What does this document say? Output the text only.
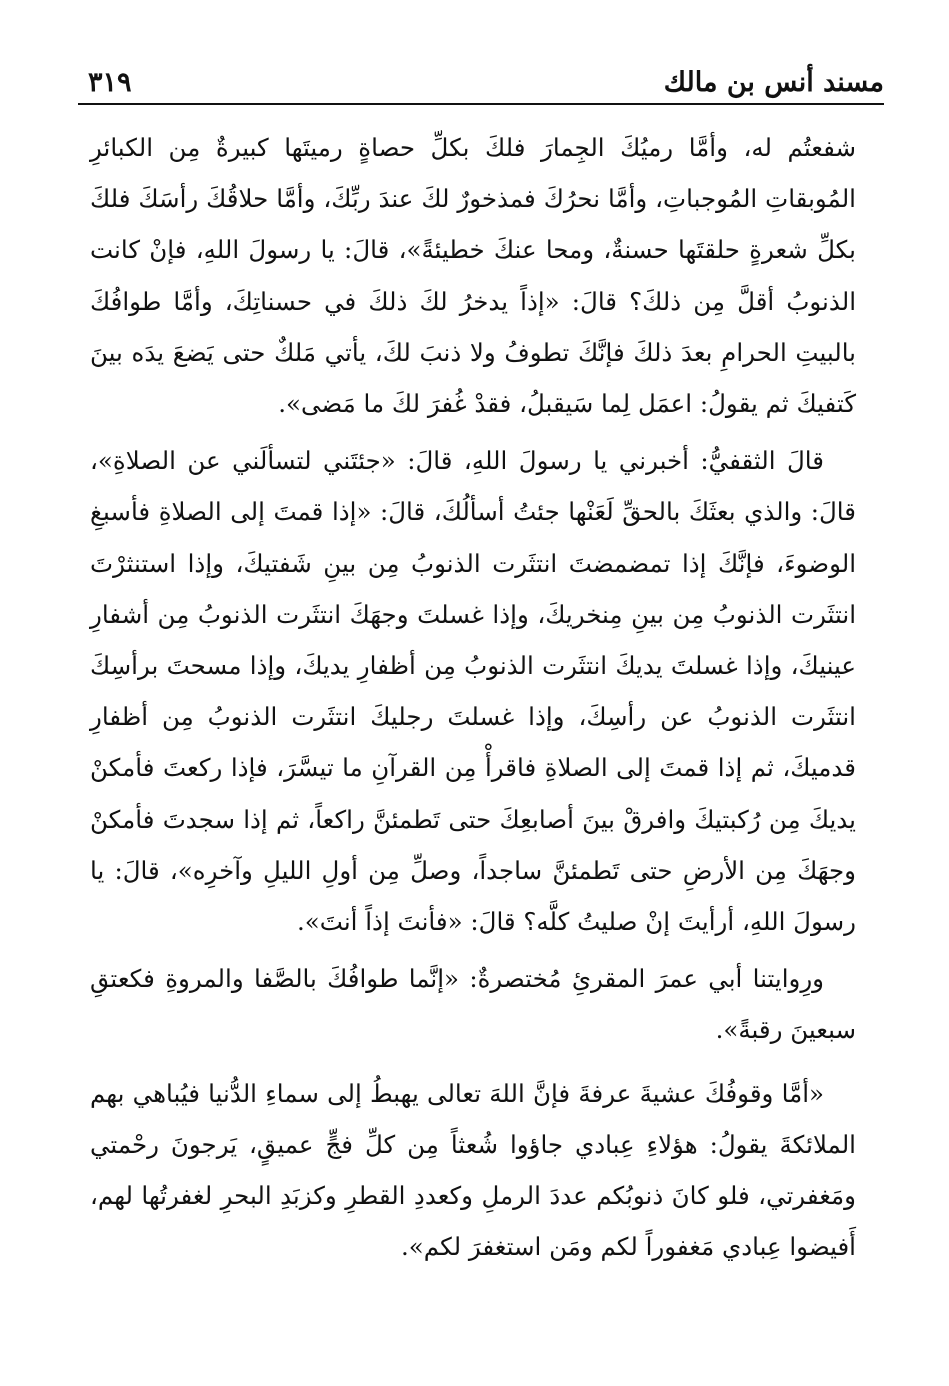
مسند أنس بن مالك
٣١٩

شفعتُم له، وأمَّا رميُكَ الجِمارَ فلكَ بكلِّ حصاةٍ رميتَها كبيرةٌ مِن الكبائرِ المُوبقاتِ المُوجباتِ، وأمَّا نحرُكَ فمذخورٌ لكَ عندَ ربِّكَ، وأمَّا حلاقُكَ رأسَكَ فلكَ بكلِّ شعرةٍ حلقتَها حسنةٌ، ومحا عنكَ خطيئةً»، قالَ: يا رسولَ اللهِ، فإنْ كانت الذنوبُ أقلَّ مِن ذلكَ؟ قالَ: «إذاً يدخرُ لكَ ذلكَ في حسناتِكَ، وأمَّا طوافُكَ بالبيتِ الحرامِ بعدَ ذلكَ فإنَّكَ تطوفُ ولا ذنبَ لكَ، يأتي مَلكٌ حتى يَضعَ يدَه بينَ كَتفيكَ ثم يقولُ: اعمَل لِما سَيقبلُ، فقدْ غُفرَ لكَ ما مَضى».

قالَ الثقفيُّ: أخبرني يا رسولَ اللهِ، قالَ: «جئتَني لتسألَني عن الصلاةِ»، قالَ: والذي بعثَكَ بالحقِّ لَعَنْها جئتُ أسألُكَ، قالَ: «إذا قمتَ إلى الصلاةِ فأسبغِ الوضوءَ، فإنَّكَ إذا تمضمضتَ انتثَرت الذنوبُ مِن بينِ شَفتيكَ، وإذا استنثرْتَ انتثَرت الذنوبُ مِن بينِ مِنخريكَ، وإذا غسلتَ وجهَكَ انتثَرت الذنوبُ مِن أشفارِ عينيكَ، وإذا غسلتَ يديكَ انتثَرت الذنوبُ مِن أظفارِ يديكَ، وإذا مسحتَ برأسِكَ انتثَرت الذنوبُ عن رأسِكَ، وإذا غسلتَ رجليكَ انتثَرت الذنوبُ مِن أظفارِ قدميكَ، ثم إذا قمتَ إلى الصلاةِ فاقرأْ مِن القرآنِ ما تيسَّرَ، فإذا ركعتَ فأمكنْ يديكَ مِن رُكبتيكَ وافرقْ بينَ أصابعِكَ حتى تَطمئنَّ راكعاً، ثم إذا سجدتَ فأمكنْ وجهَكَ مِن الأرضِ حتى تَطمئنَّ ساجداً، وصلِّ مِن أولِ الليلِ وآخرِه»، قالَ: يا رسولَ اللهِ، أرأيتَ إنْ صليتُ كلَّه؟ قالَ: «فأنتَ إذاً أنتَ».

ورِوايتنا أبي عمرَ المقرئِ مُختصرةٌ: «إنَّما طوافُكَ بالصَّفا والمروةِ فكعتقِ سبعينَ رقبةً».

«أمَّا وقوفُكَ عشيةَ عرفةَ فإنَّ اللهَ تعالى يهبطُ إلى سماءِ الدُّنيا فيُباهي بهم الملائكةَ يقولُ: هؤلاءِ عِبادي جاؤوا شُعثاً مِن كلِّ فجٍّ عميقٍ، يَرجونَ رحْمتي ومَغفرتي، فلو كانَ ذنوبُكم عددَ الرملِ وكعددِ القطرِ وكزبَدِ البحرِ لغفرتُها لهم، أَفيضوا عِبادي مَغفوراً لكم ومَن استغفرَ لكم».
